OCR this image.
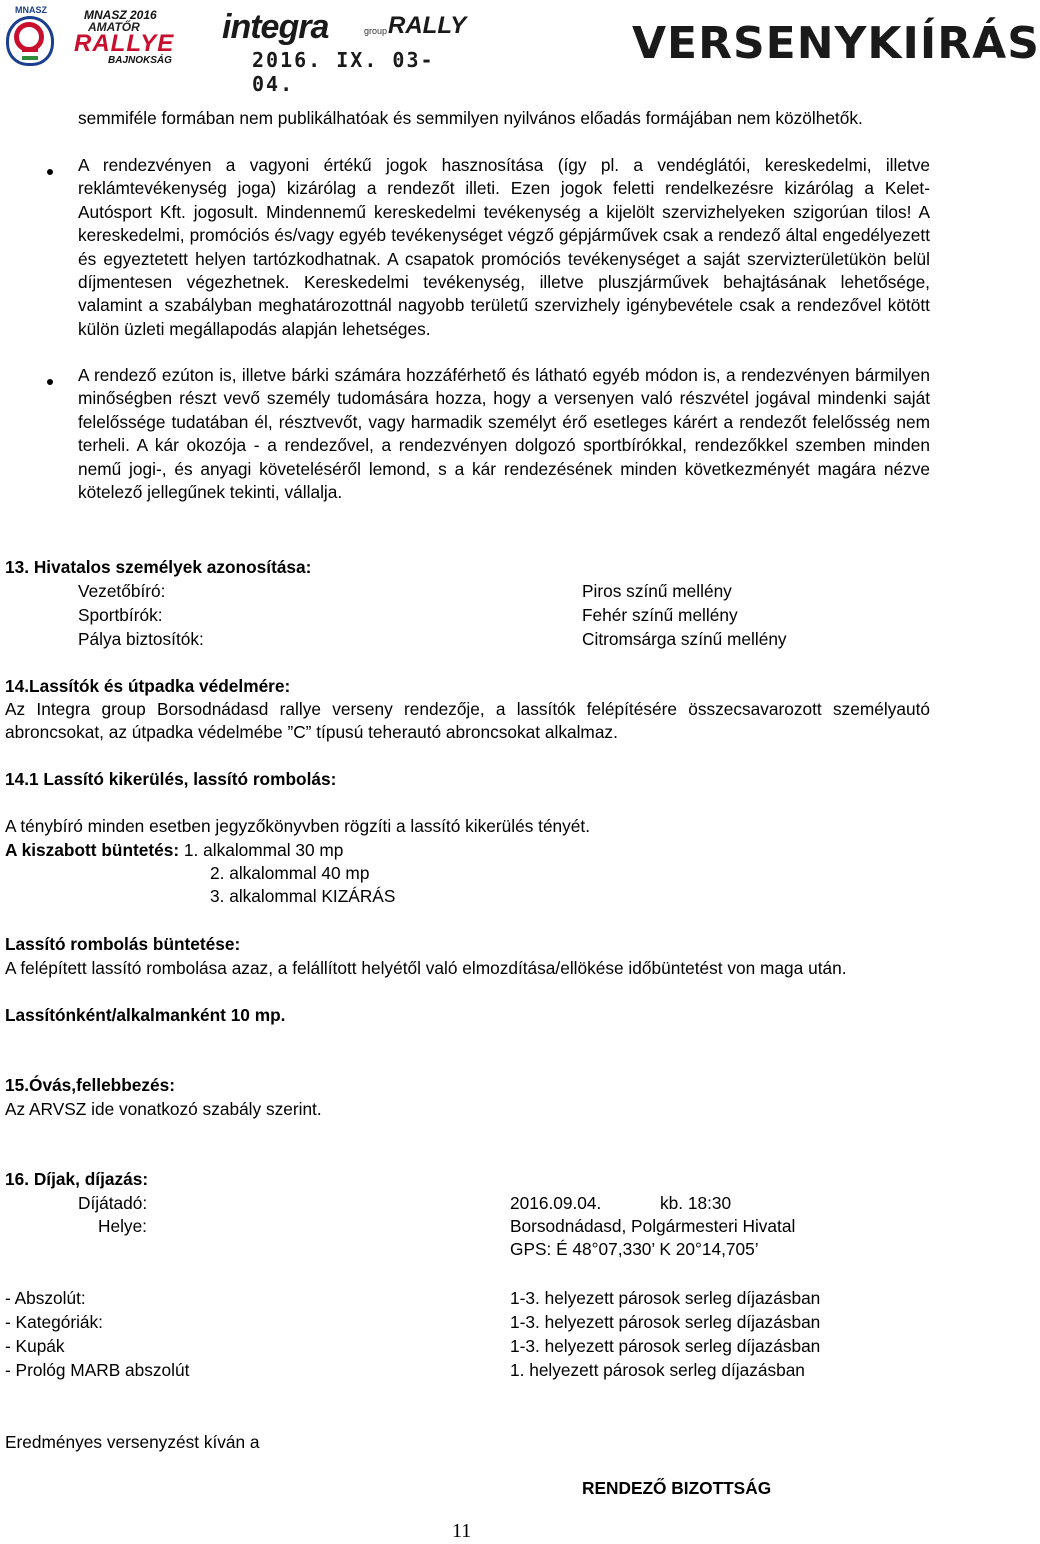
MNASZ	MNASZ 2016
AMATŐR
RALLYE
BAJNOKSÁG
integra	group RALLY
2016. IX. 03-04.
VERSENYKIÍRÁS
semmiféle formában nem publikálhatóak és semmilyen nyilvános előadás formájában nem közölhetők.
A rendezvényen a vagyoni értékű jogok hasznosítása (így pl. a vendéglátói, kereskedelmi, illetve reklámtevékenység joga) kizárólag a rendezőt illeti. Ezen jogok feletti rendelkezésre kizárólag a Kelet-Autósport Kft. jogosult. Mindennemű kereskedelmi tevékenység a kijelölt szervizhelyeken szigorúan tilos! A kereskedelmi, promóciós és/vagy egyéb tevékenységet végző gépjárművek csak a rendező által engedélyezett és egyeztetett helyen tartózkodhatnak. A csapatok promóciós tevékenységet a saját szervizterületükön belül díjmentesen végezhetnek. Kereskedelmi tevékenység, illetve pluszjárművek behajtásának lehetősége, valamint a szabályban meghatározottnál nagyobb területű szervizhely igénybevétele csak a rendezővel kötött külön üzleti megállapodás alapján lehetséges.
A rendező ezúton is, illetve bárki számára hozzáférhető és látható egyéb módon is, a rendezvényen bármilyen minőségben részt vevő személy tudomására hozza, hogy a versenyen való részvétel jogával mindenki saját felelőssége tudatában él, résztvevőt, vagy harmadik személyt érő esetleges kárért a rendezőt felelősség nem terheli. A kár okozója - a rendezővel, a rendezvényen dolgozó sportbírókkal, rendezőkkel szemben minden nemű jogi-, és anyagi követeléséről lemond, s a kár rendezésének minden következményét magára nézve kötelező jellegűnek tekinti, vállalja.
13. Hivatalos személyek azonosítása:
Vezetőbíró:	Piros színű mellény
Sportbírók:	Fehér színű mellény
Pálya biztosítók:	Citromsárga színű mellény
14.Lassítók és útpadka védelmére:
Az Integra group Borsodnádasd rallye verseny rendezője, a lassítók felépítésére összecsavarozott személyautó abroncsokat, az útpadka védelmébe ”C” típusú teherautó abroncsokat alkalmaz.
14.1 Lassító kikerülés, lassító rombolás:
A ténybíró minden esetben jegyzőkönyvben rögzíti a lassító kikerülés tényét.
A kiszabott büntetés: 1. alkalommal 30 mp
2. alkalommal 40 mp
3. alkalommal KIZÁRÁS
Lassító rombolás büntetése:
A felépített lassító rombolása azaz, a felállított helyétől való elmozdítása/ellökése időbüntetést von maga után.
Lassítónként/alkalmanként 10 mp.
15.Óvás,fellebbezés:
Az ARVSZ ide vonatkozó szabály szerint.
16. Díjak, díjazás:
Díjátadó:	2016.09.04.	kb. 18:30
Helye:	Borsodnádasd, Polgármesteri Hivatal
GPS: É 48°07,330’ K 20°14,705’
- Abszolút:	1-3. helyezett párosok serleg díjazásban
- Kategóriák:	1-3. helyezett párosok serleg díjazásban
- Kupák	1-3. helyezett párosok serleg díjazásban
- Prológ MARB abszolút	1. helyezett párosok serleg díjazásban
Eredményes versenyzést kíván a
RENDEZŐ BIZOTTSÁG
11
